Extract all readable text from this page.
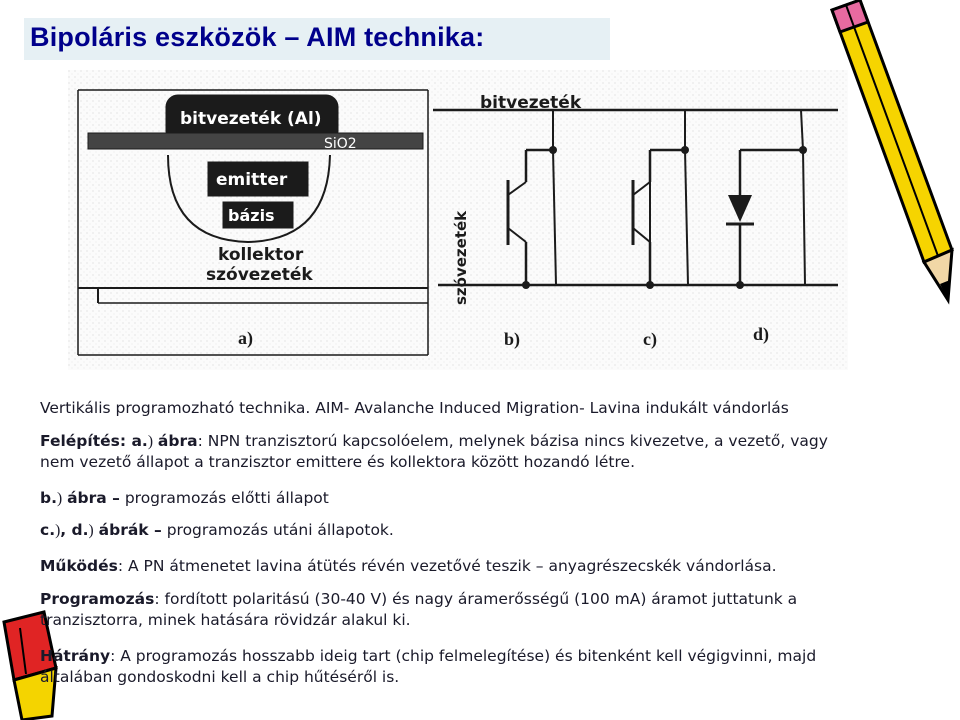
Bipoláris eszközök – AIM technika:
bitvezeték (Al)
SiO2
emitter
bázis
kollektor
szóvezeték
a)
bitvezeték
szóvezeték
b)	c)	d)
Vertikális programozható technika. AIM- Avalanche Induced Migration- Lavina indukált vándorlás
Felépítés: a.) ábra: NPN tranzisztorú kapcsolóelem, melynek bázisa nincs kivezetve, a vezető, vagy
nem vezető állapot a tranzisztor emittere és kollektora között hozandó létre.
b.) ábra – programozás előtti állapot
c.), d.) ábrák – programozás utáni állapotok.
Működés: A PN átmenetet lavina átütés révén vezetővé teszik – anyagrészecskék vándorlása.
Programozás: fordított polaritású (30-40 V) és nagy áramerősségű (100 mA) áramot juttatunk a
tranzisztorra, minek hatására rövidzár alakul ki.
Hátrány: A programozás hosszabb ideig tart (chip felmelegítése) és bitenként kell végigvinni, majd
általában gondoskodni kell a chip hűtéséről is.
